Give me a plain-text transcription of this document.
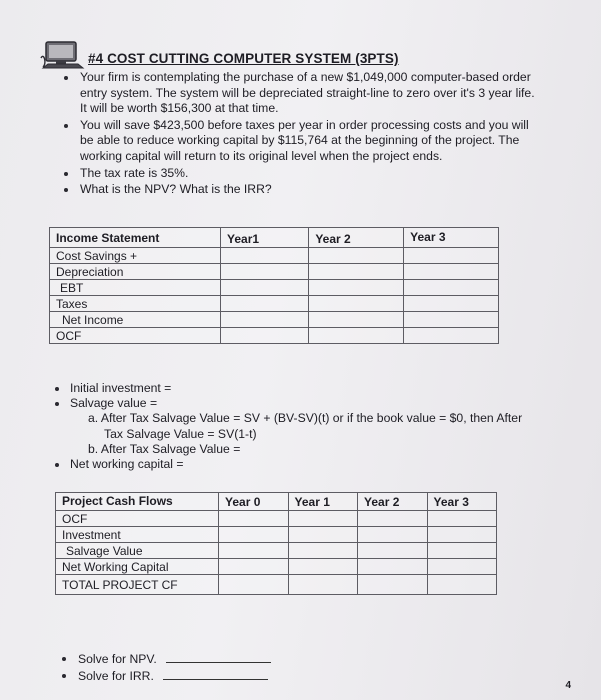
#4 COST CUTTING COMPUTER SYSTEM (3PTS)
Your firm is contemplating the purchase of a new $1,049,000 computer-based order entry system. The system will be depreciated straight-line to zero over it's 3 year life. It will be worth $156,300 at that time.
You will save $423,500 before taxes per year in order processing costs and you will be able to reduce working capital by $115,764 at the beginning of the project. The working capital will return to its original level when the project ends.
The tax rate is 35%.
What is the NPV? What is the IRR?
Income Statement	Year1	Year 2	Year 3
Cost Savings +			
Depreciation			
EBT			
Taxes			
Net Income			
OCF			
Initial investment =
Salvage value =
a. After Tax Salvage Value = SV + (BV-SV)(t) or if the book value = $0, then After
Tax Salvage Value = SV(1-t)
b. After Tax Salvage Value =
Net working capital =
Project Cash Flows	Year 0	Year 1	Year 2	Year 3
OCF				
Investment				
Salvage Value				
Net Working Capital				
TOTAL PROJECT CF				
Solve for NPV.
Solve for IRR.
4
